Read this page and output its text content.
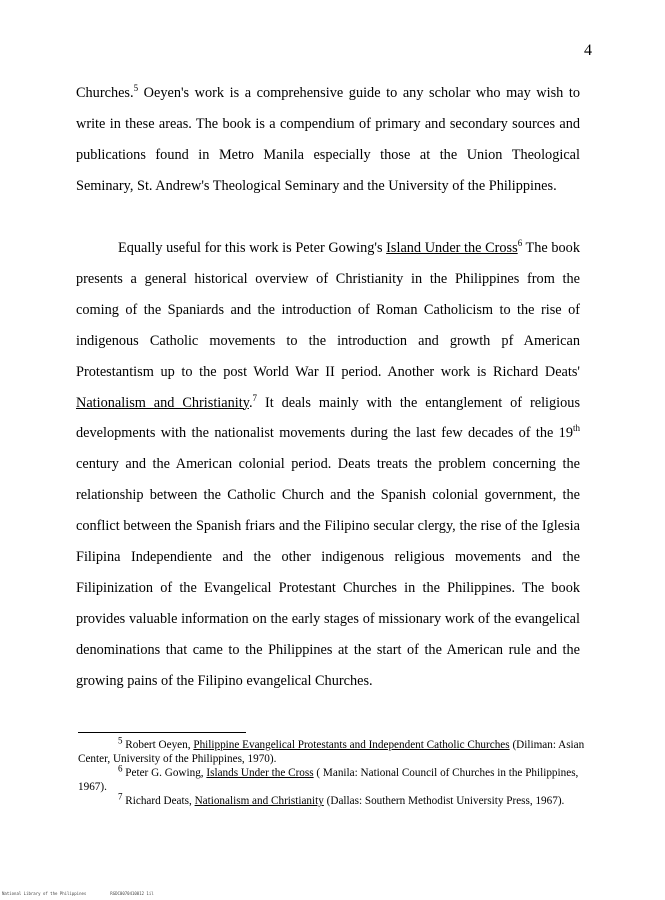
4

Churches.$^5$ Oeyen's work is a comprehensive guide to any scholar who may wish to write in these areas. The book is a compendium of primary and secondary sources and publications found in Metro Manila especially those at the Union Theological Seminary, St. Andrew's Theological Seminary and the University of the Philippines.

Equally useful for this work is Peter Gowing's Island Under the Cross$^6$ The book presents a general historical overview of Christianity in the Philippines from the coming of the Spaniards and the introduction of Roman Catholicism to the rise of indigenous Catholic movements to the introduction and growth pf American Protestantism up to the post World War II period. Another work is Richard Deats' Nationalism and Christianity.$^7$ It deals mainly with the entanglement of religious developments with the nationalist movements during the last few decades of the 19th century and the American colonial period. Deats treats the problem concerning the relationship between the Catholic Church and the Spanish colonial government, the conflict between the Spanish friars and the Filipino secular clergy, the rise of the Iglesia Filipina Independiente and the other indigenous religious movements and the Filipinization of the Evangelical Protestant Churches in the Philippines. The book provides valuable information on the early stages of missionary work of the evangelical denominations that came to the Philippines at the start of the American rule and the growing pains of the Filipino evangelical Churches.

$^5$ Robert Oeyen, Philippine Evangelical Protestants and Independent Catholic Churches (Diliman: Asian Center, University of the Philippines, 1970).

$^6$ Peter G. Gowing, Islands Under the Cross ( Manila: National Council of Churches in the Philippines, 1967).

$^7$ Richard Deats, Nationalism and Christianity (Dallas: Southern Methodist University Press, 1967).

National Library of the Philippines	RGDC0070410012 1il
